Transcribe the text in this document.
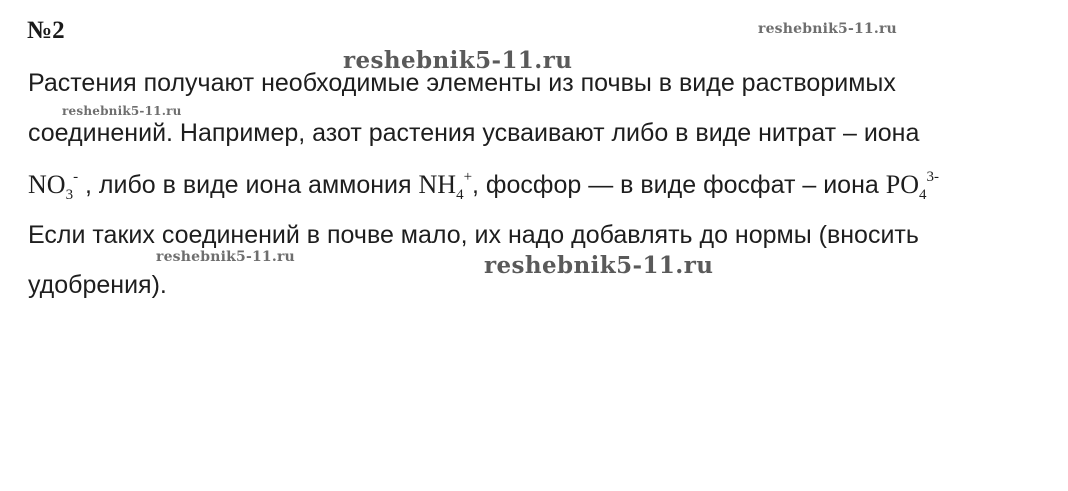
№2
Растения получают необходимые элементы из почвы в виде растворимых
соединений. Например, азот растения усваивают либо в виде нитрат – иона
$NO_3^-$ , либо в виде иона аммония $NH_4^+$, фосфор — в виде фосфат – иона $PO_4^{3-}$
Если таких соединений в почве мало, их надо добавлять до нормы (вносить
удобрения).
reshebnik5-11.ru
reshebnik5-11.ru
reshebnik5-11.ru
reshebnik5-11.ru	reshebnik5-11.ru
